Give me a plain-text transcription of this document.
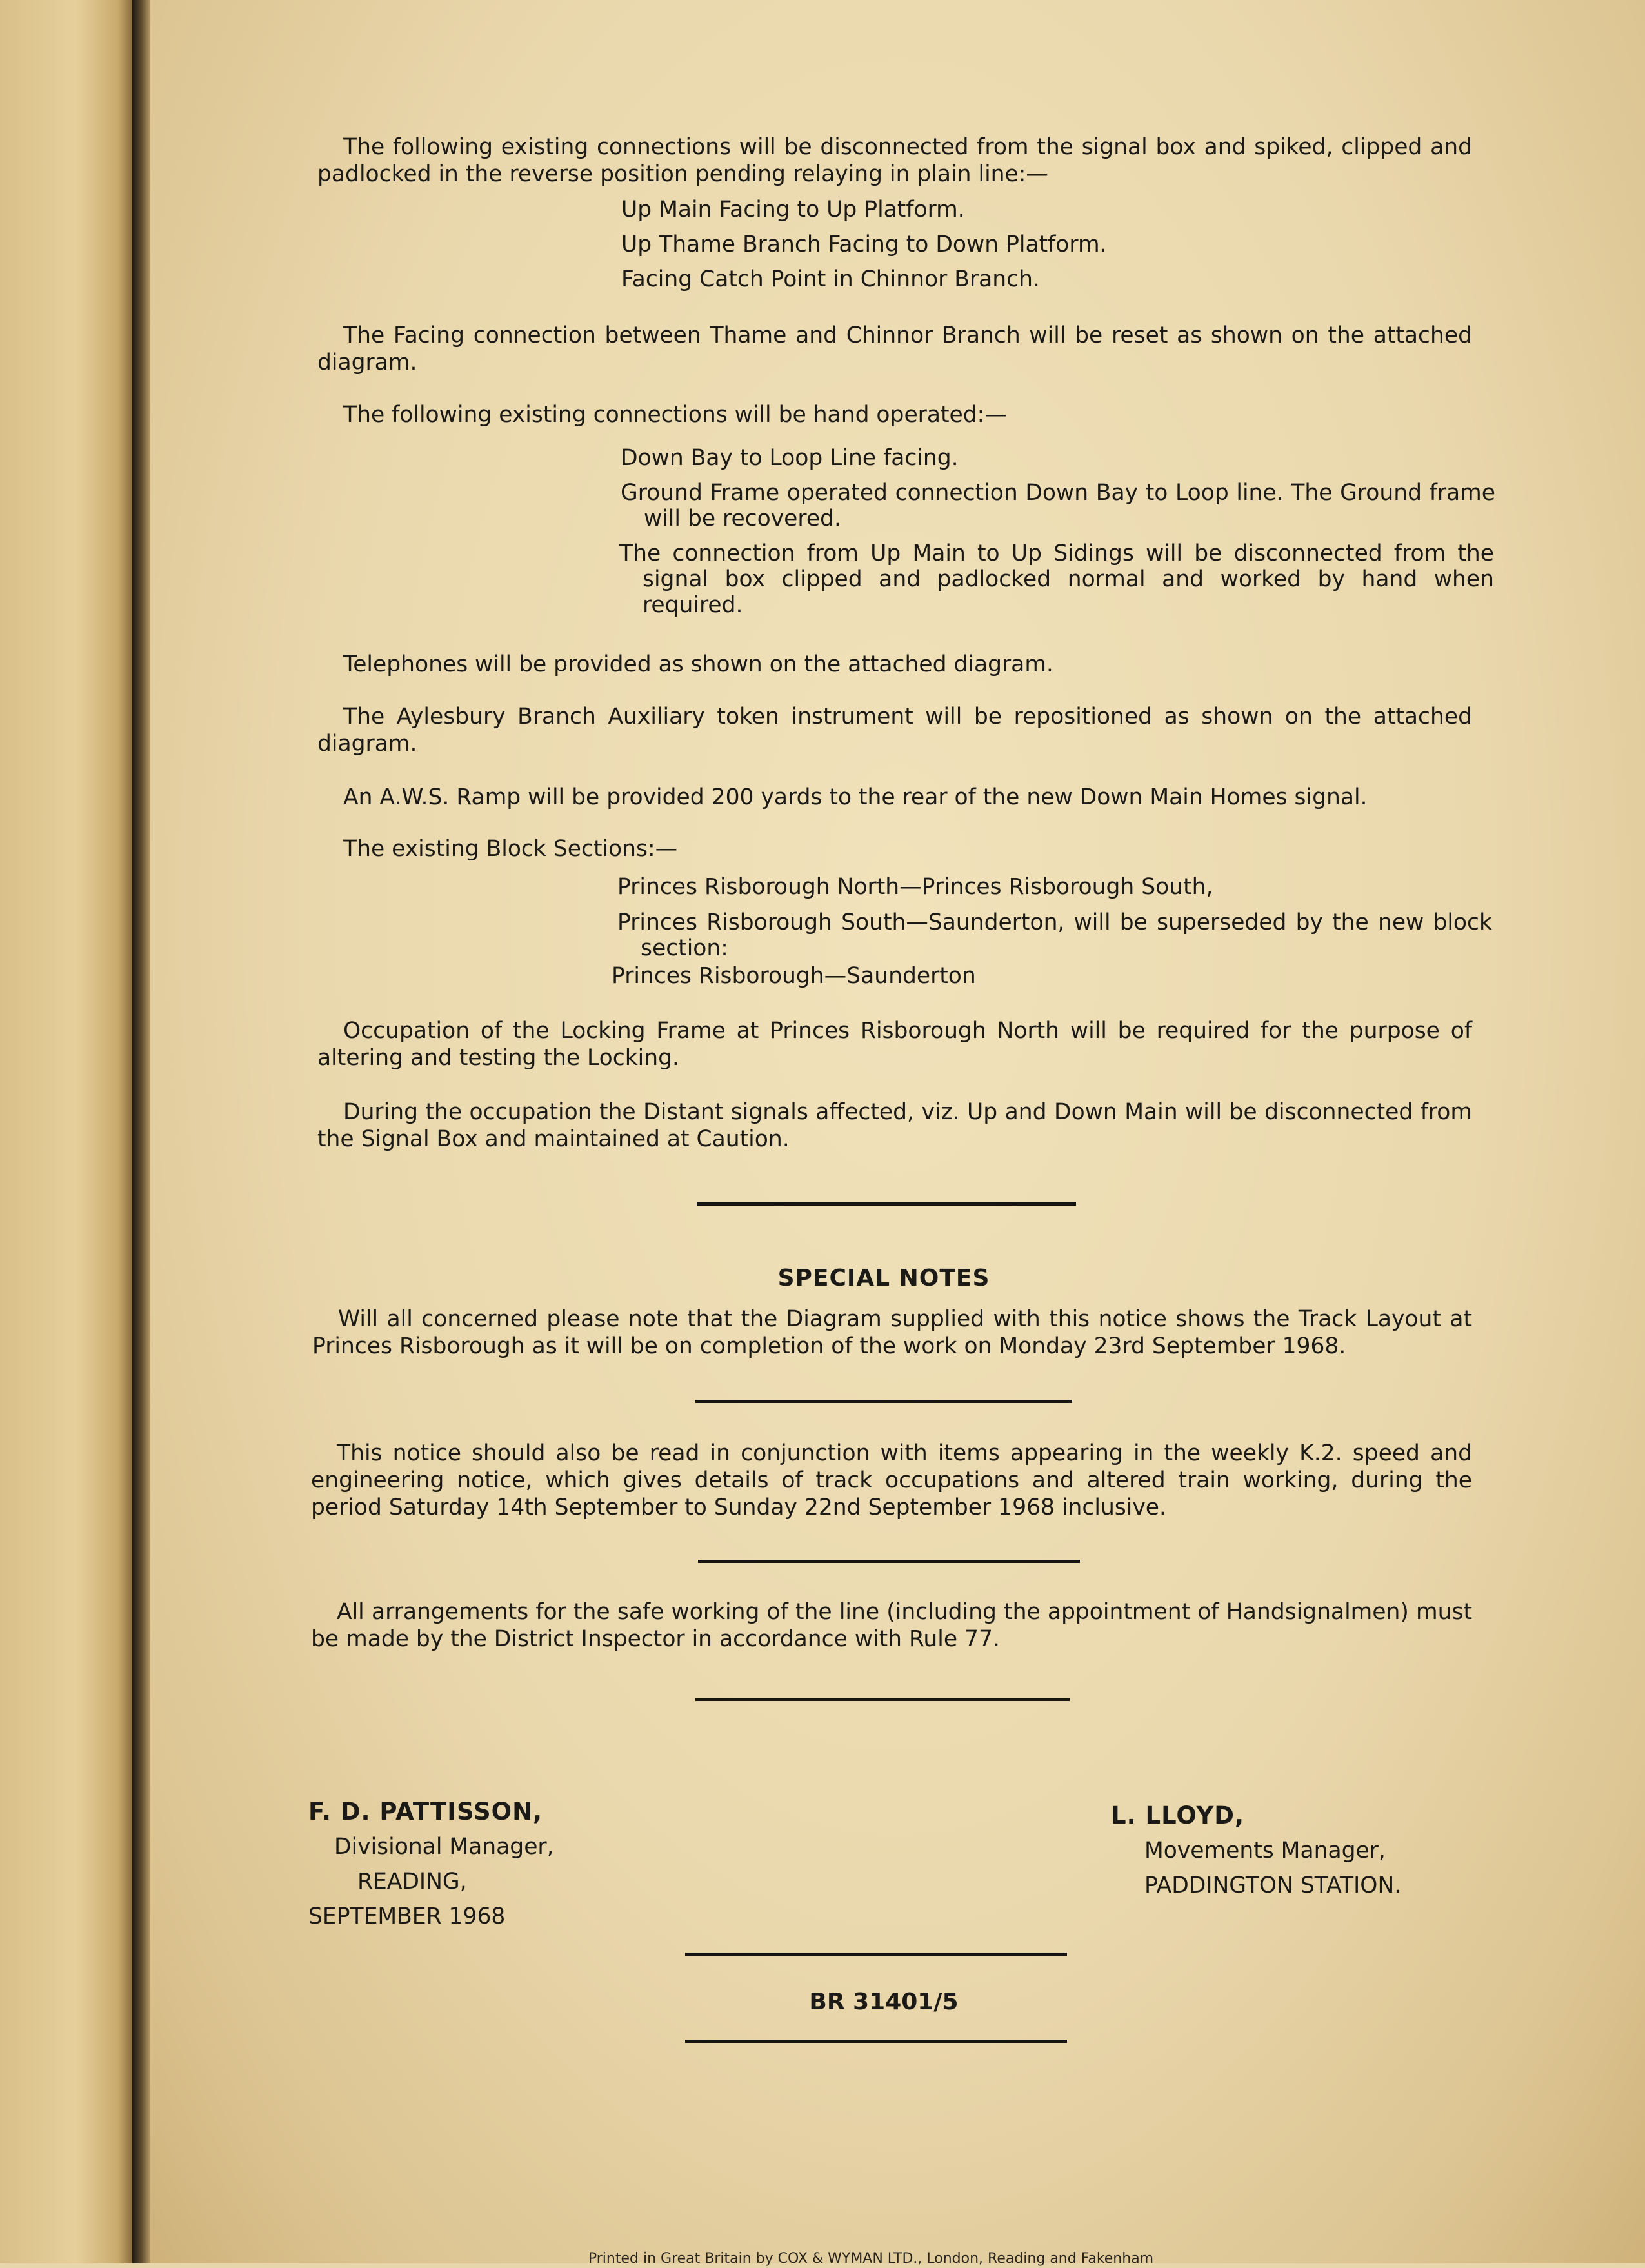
The following existing connections will be disconnected from the signal box and spiked, clipped and padlocked in the reverse position pending relaying in plain line:—
Up Main Facing to Up Platform.
Up Thame Branch Facing to Down Platform.
Facing Catch Point in Chinnor Branch.
The Facing connection between Thame and Chinnor Branch will be reset as shown on the attached diagram.
The following existing connections will be hand operated:—
Down Bay to Loop Line facing.
Ground Frame operated connection Down Bay to Loop line. The Ground frame will be recovered.
The connection from Up Main to Up Sidings will be disconnected from the signal box clipped and padlocked normal and worked by hand when required.
Telephones will be provided as shown on the attached diagram.
The Aylesbury Branch Auxiliary token instrument will be repositioned as shown on the attached diagram.
An A.W.S. Ramp will be provided 200 yards to the rear of the new Down Main Homes signal.
The existing Block Sections:—
Princes Risborough North—Princes Risborough South,
Princes Risborough South—Saunderton, will be superseded by the new block section:
Princes Risborough—Saunderton
Occupation of the Locking Frame at Princes Risborough North will be required for the purpose of altering and testing the Locking.
During the occupation the Distant signals affected, viz. Up and Down Main will be disconnected from the Signal Box and maintained at Caution.
SPECIAL NOTES
Will all concerned please note that the Diagram supplied with this notice shows the Track Layout at Princes Risborough as it will be on completion of the work on Monday 23rd September 1968.
This notice should also be read in conjunction with items appearing in the weekly K.2. speed and engineering notice, which gives details of track occupations and altered train working, during the period Saturday 14th September to Sunday 22nd September 1968 inclusive.
All arrangements for the safe working of the line (including the appointment of Handsignalmen) must be made by the District Inspector in accordance with Rule 77.
F. D. PATTISSON,
Divisional Manager,
READING,
SEPTEMBER 1968
L. LLOYD,
Movements Manager,
PADDINGTON STATION.
BR 31401/5
Printed in Great Britain by COX & WYMAN LTD., London, Reading and Fakenham
